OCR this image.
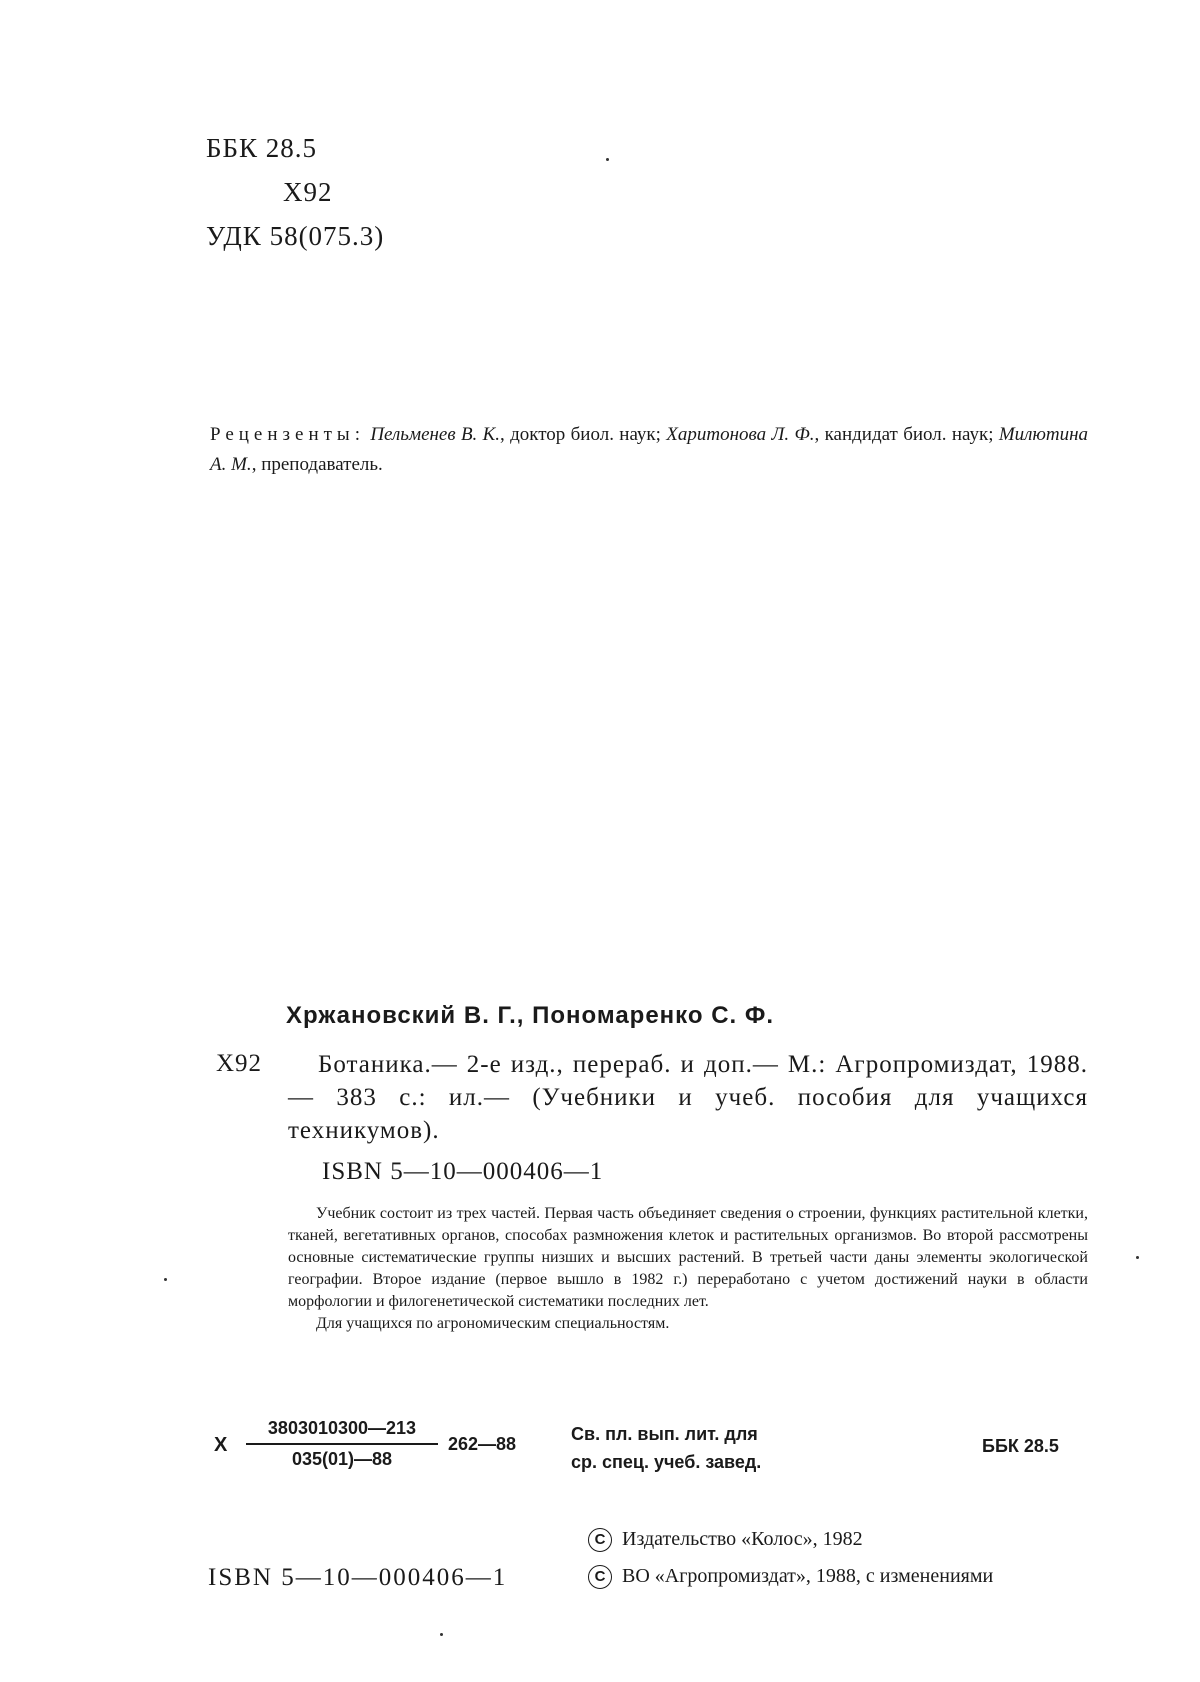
ББК 28.5
Х92
УДК 58(075.3)
Рецензенты: Пельменев В. К., доктор биол. наук; Харитонова Л. Ф., кандидат биол. наук; Милютина А. М., преподаватель.
Хржановский В. Г., Пономаренко С. Ф.
Х92	Ботаника.— 2-е изд., перераб. и доп.— М.: Агропромиздат, 1988.— 383 с.: ил.— (Учебники и учеб. пособия для учащихся техникумов).
ISBN 5—10—000406—1

Учебник состоит из трех частей. Первая часть объединяет сведения о строении, функциях растительной клетки, тканей, вегетативных органов, способах размножения клеток и растительных организмов. Во второй рассмотрены основные систематические группы низших и высших растений. В третьей части даны элементы экологической географии. Второе издание (первое вышло в 1982 г.) переработано с учетом достижений науки в области морфологии и филогенетической систематики последних лет.

Для учащихся по агрономическим специальностям.

Х $\frac{3803010300—213}{035(01)—88}$ 262—88	Св. пл. вып. лит. для
ср. спец. учеб. завед.
ББК 28.5
ISBN 5—10—000406—1
C Издательство «Колос», 1982
C ВО «Агропромиздат», 1988, с изменениями
